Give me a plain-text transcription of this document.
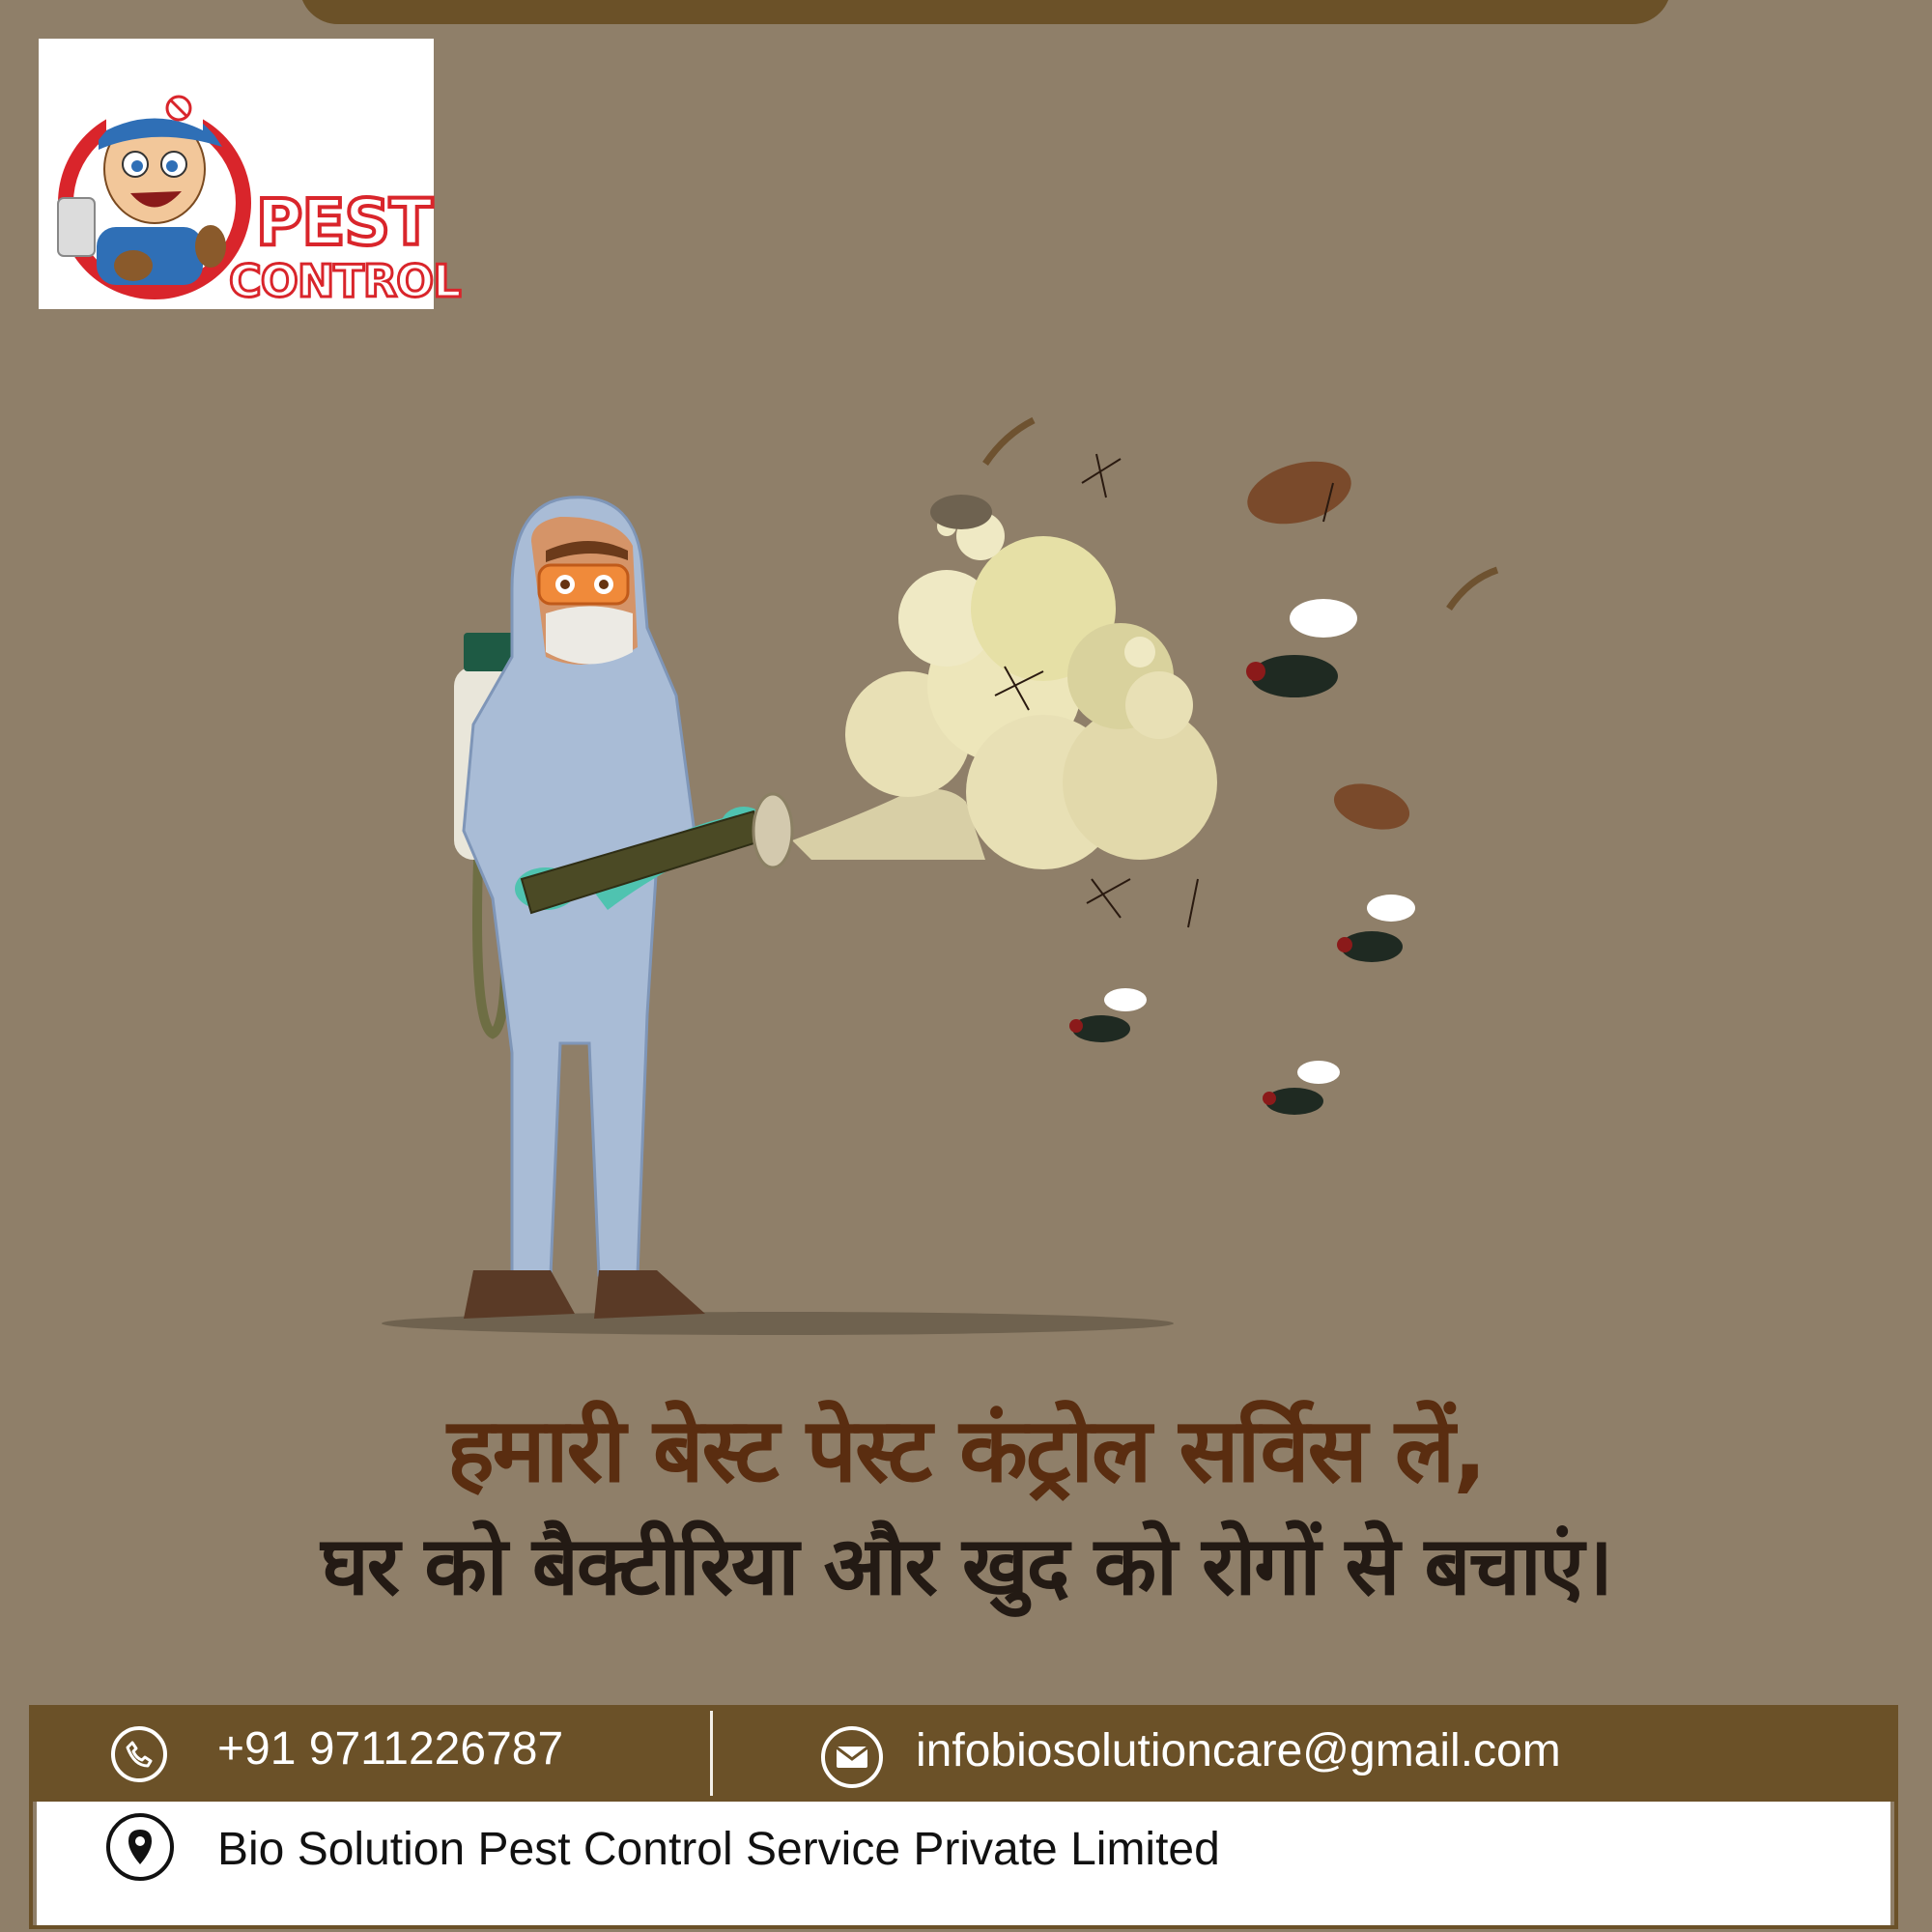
PEST
CONTROL
हमारी बेस्ट पेस्ट कंट्रोल सर्विस लें,
घर को बैक्टीरिया और खुद को रोगों से बचाएं।
+91 9711226787	infobiosolutioncare@gmail.com
Bio Solution Pest Control Service Private Limited
